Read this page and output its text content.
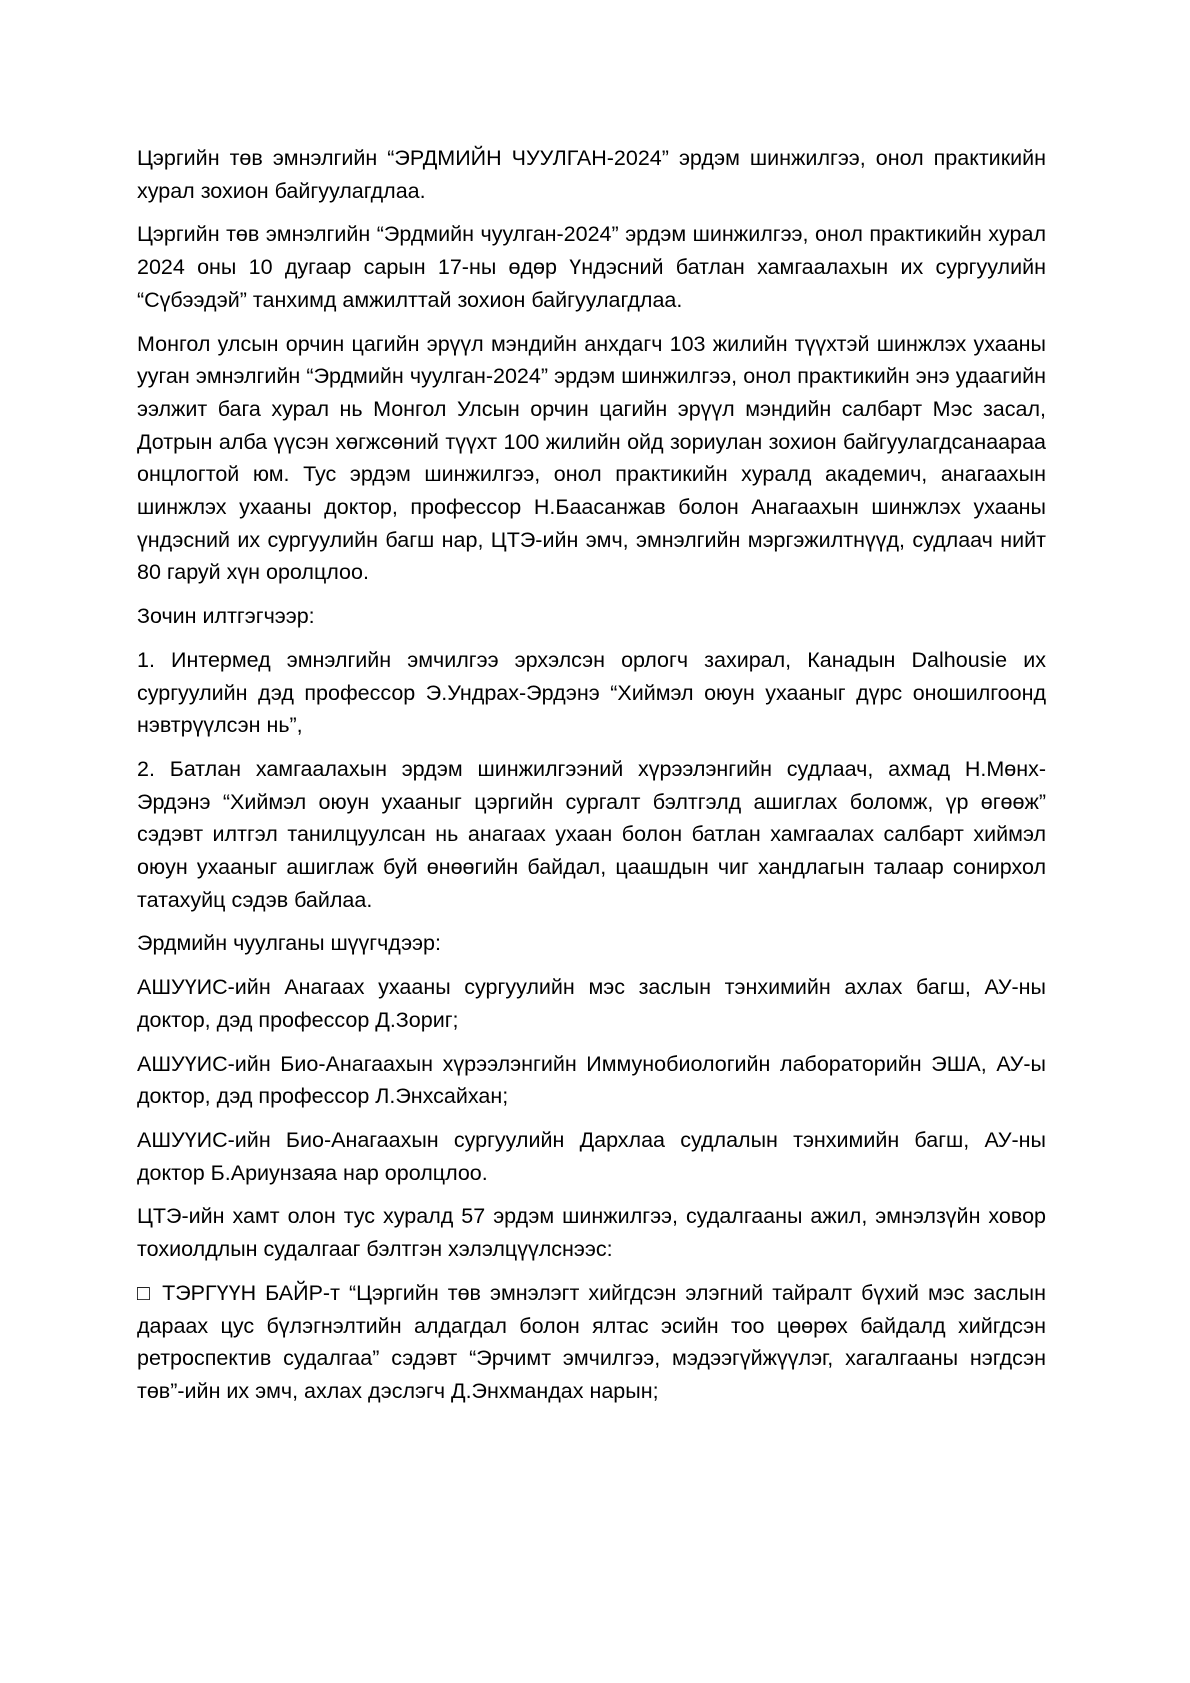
Цэргийн төв эмнэлгийн “ЭРДМИЙН ЧУУЛГАН-2024” эрдэм шинжилгээ, онол практикийн хурал зохион байгуулагдлаа.

Цэргийн төв эмнэлгийн “Эрдмийн чуулган-2024” эрдэм шинжилгээ, онол практикийн хурал 2024 оны 10 дугаар сарын 17-ны өдөр Үндэсний батлан хамгаалахын их сургуулийн “Сүбээдэй” танхимд амжилттай зохион байгуулагдлаа.

Монгол улсын орчин цагийн эрүүл мэндийн анхдагч 103 жилийн түүхтэй шинжлэх ухааны ууган эмнэлгийн “Эрдмийн чуулган-2024” эрдэм шинжилгээ, онол практикийн энэ удаагийн ээлжит бага хурал нь Монгол Улсын орчин цагийн эрүүл мэндийн салбарт Мэс засал, Дотрын алба үүсэн хөгжсөний түүхт 100 жилийн ойд зориулан зохион байгуулагдсанаараа онцлогтой юм. Тус эрдэм шинжилгээ, онол практикийн хуралд академич, анагаахын шинжлэх ухааны доктор, профессор Н.Баасанжав болон Анагаахын шинжлэх ухааны үндэсний их сургуулийн багш нар, ЦТЭ-ийн эмч, эмнэлгийн мэргэжилтнүүд, судлаач нийт 80 гаруй хүн оролцлоо.

Зочин илтгэгчээр:

1. Интермед эмнэлгийн эмчилгээ эрхэлсэн орлогч захирал, Канадын Dalhousie их сургуулийн дэд профессор Э.Ундрах-Эрдэнэ “Хиймэл оюун ухааныг дүрс оношилгоонд нэвтрүүлсэн нь”,

2. Батлан хамгаалахын эрдэм шинжилгээний хүрээлэнгийн судлаач, ахмад Н.Мөнх-Эрдэнэ “Хиймэл оюун ухааныг цэргийн сургалт бэлтгэлд ашиглах боломж, үр өгөөж” сэдэвт илтгэл танилцуулсан нь анагаах ухаан болон батлан хамгаалах салбарт хиймэл оюун ухааныг ашиглаж буй өнөөгийн байдал, цаашдын чиг хандлагын талаар сонирхол татахуйц сэдэв байлаа.

Эрдмийн чуулганы шүүгчдээр:

АШУҮИС-ийн Анагаах ухааны сургуулийн мэс заслын тэнхимийн ахлах багш, АУ-ны доктор, дэд профессор Д.Зориг;

АШУҮИС-ийн Био-Анагаахын хүрээлэнгийн Иммунобиологийн лабораторийн ЭША, АУ-ы доктор, дэд профессор Л.Энхсайхан;

АШУҮИС-ийн Био-Анагаахын сургуулийн Дархлаа судлалын тэнхимийн багш, АУ-ны доктор Б.Ариунзаяа нар оролцлоо.

ЦТЭ-ийн хамт олон тус хуралд 57 эрдэм шинжилгээ, судалгааны ажил, эмнэлзүйн ховор тохиолдлын судалгааг бэлтгэн хэлэлцүүлснээс:

□ ТЭРГҮҮН БАЙР-т “Цэргийн төв эмнэлэгт хийгдсэн элэгний тайралт бүхий мэс заслын дараах цус бүлэгнэлтийн алдагдал болон ялтас эсийн тоо цөөрөх байдалд хийгдсэн ретроспектив судалгаа” сэдэвт “Эрчимт эмчилгээ, мэдээгүйжүүлэг, хагалгааны нэгдсэн төв”-ийн их эмч, ахлах дэслэгч Д.Энхмандах нарын;
